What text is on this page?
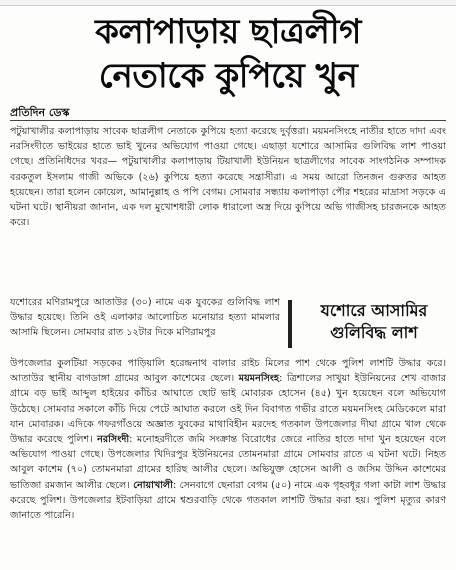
কলাপাড়ায় ছাত্রলীগ
নেতাকে কুপিয়ে খুন
প্রতিদিন ডেস্ক

পটুয়াখালীর কলাপাড়ায় সাবেক ছাত্রলীগ নেতাকে কুপিয়ে হত্যা করেছে দুর্বৃত্তরা। ময়মনসিংহে নাতীর হাতে দাদা এবং নরসিংদীতে ভাইয়ের হাতে ভাই খুনের অভিযোগ পাওয়া গেছে। এছাড়া যশোরে আসামির গুলিবিদ্ধ লাশ পাওয়া গেছে। প্রতিনিধিদের খবর— পটুয়াখালীর কলাপাড়ায় টিয়াখালী ইউনিয়ন ছাত্রলীগের সাবেক সাংগঠনিক সম্পাদক বরকতুল ইসলাম গাজী অভিকে (২৬) কুপিয়ে হত্যা করেছে সন্ত্রাসীরা। এ সময় আরো তিনজন গুরুতর আহত হয়েছেন। তারা হলেন কোয়েল, আমানুল্লাহ ও পপি বেগম। সোমবার সন্ধ্যায় কলাপাড়া পৌর শহরের মাদ্রাসা সড়কে এ ঘটনা ঘটে। স্থানীয়রা জানান, এক দল মুখোশধারী লোক ধারালো অস্ত্র দিয়ে কুপিয়ে অভি গাজীসহ চারজনকে আহত করে।

যশোরের মণিরামপুরে আতাউর (৩০) নামে এক যুবকের গুলিবিদ্ধ লাশ উদ্ধার হয়েছে। তিনি ওই এলাকার আলোচিত মনোয়ার হত্যা মামলার আসামি ছিলেন। সোমবার রাত ১২টার দিকে মণিরামপুর

যশোরে আসামির
গুলিবিদ্ধ লাশ

উপজেলার কুলটিয়া সড়কের পাড়িয়ালি হরেন্দ্রনাথ বালার রাইচ মিলের পাশ থেকে পুলিশ লাশটি উদ্ধার করে। আতাউর স্থানীয় বাগডাঙ্গা গ্রামের আবুল কাশেমের ছেলে। ময়মনসিংহ: ত্রিশালের সাখুয়া ইউনিয়নের শেখ বাজার গ্রামে বড় ভাই আব্দুল হাইয়ের কাঁচির আঘাতে ছোট ভাই মোবারক হোসেন (৪৫) খুন হয়েছেন বলে অভিযোগ উঠেছে। সোমবার সকালে কাঁচি দিয়ে পেটে আঘাত করলে ওই দিন বিবাগত গভীর রাতে ময়মনসিংহ মেডিকেলে মারা যান মোবারক। এদিকে গফরগাঁওয়ে অজ্ঞাত যুবকের মাথাবিহীন মরদেহ গতকাল উপজেলার দীঘা গ্রামে খাল থেকে উদ্ধার করেছে পুলিশ। নরসিংদী: মনোহরদীতে জমি সংক্রান্ত বিরোধের জেরে নাতির হাতে দাদা খুন হয়েছেন বলে অভিযোগ পাওয়া গেছে। উপজেলার খিদিরপুর ইউনিয়নের তোমনমারা গ্রামে সোমবার রাতে এ ঘটনা ঘটে। নিহত আবুল কাশেম (৭০) তোমনমারা গ্রামের হারিছ আলীর ছেলে। অভিযুক্ত হোসেন আলী ও জসিম উদ্দিন কাশেমের ভাতিজা রমজান আলীর ছেলে। নোয়াখালী: সেনবাগে ছেনারা বেগম (৫০) নামে এক গৃহবধূর গলা কাটা লাশ উদ্ধার করেছে পুলিশ। উপজেলার ইটবাড়িয়া গ্রামে শ্বশুরবাড়ি থেকে গতকাল লাশটি উদ্ধার করা হয়। পুলিশ মৃত্যুর কারণ জানাতে পারেনি।
